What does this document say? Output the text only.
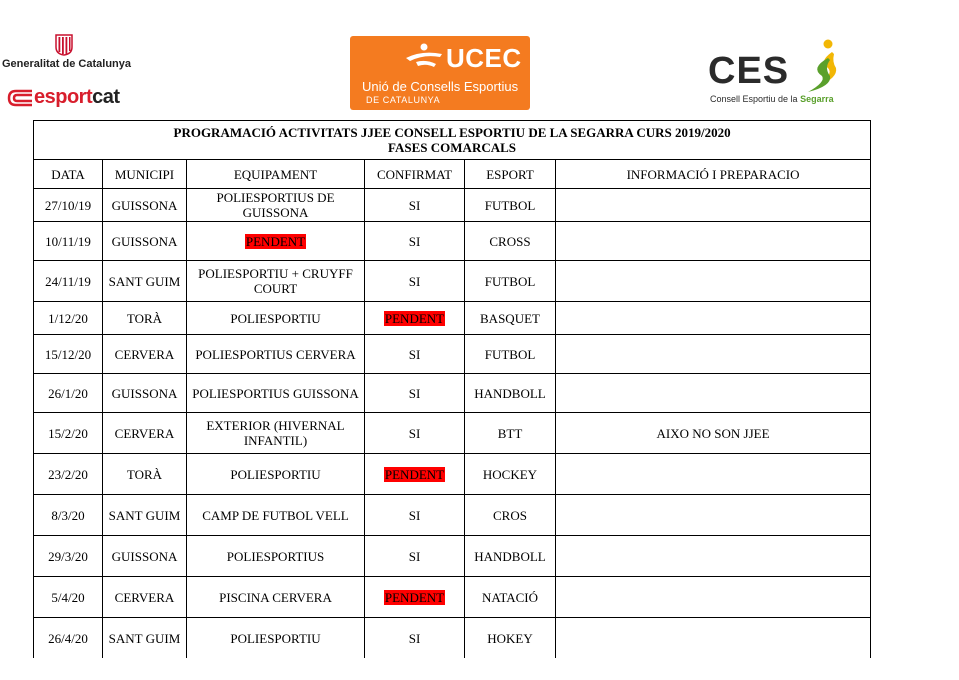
Generalitat de Catalunya
esportcat
UCEC
Unió de Consells Esportius
DE CATALUNYA
CES
Consell Esportiu de la Segarra
PROGRAMACIÓ ACTIVITATS JJEE CONSELL ESPORTIU DE LA SEGARRA CURS 2019/2020
FASES COMARCALS					

DATA	MUNICIPI	EQUIPAMENT	CONFIRMAT	ESPORT	INFORMACIÓ I PREPARACIO
27/10/19	GUISSONA	POLIESPORTIUS DE GUISSONA	SI	FUTBOL	
10/11/19	GUISSONA	PENDENT	SI	CROSS	
24/11/19	SANT GUIM	POLIESPORTIU + CRUYFF COURT	SI	FUTBOL	
1/12/20	TORÀ	POLIESPORTIU	PENDENT	BASQUET	
15/12/20	CERVERA	POLIESPORTIUS CERVERA	SI	FUTBOL	
26/1/20	GUISSONA	POLIESPORTIUS GUISSONA	SI	HANDBOLL	
15/2/20	CERVERA	EXTERIOR (HIVERNAL INFANTIL)	SI	BTT	AIXO NO SON JJEE
23/2/20	TORÀ	POLIESPORTIU	PENDENT	HOCKEY	
8/3/20	SANT GUIM	CAMP DE FUTBOL VELL	SI	CROS	
29/3/20	GUISSONA	POLIESPORTIUS	SI	HANDBOLL	
5/4/20	CERVERA	PISCINA CERVERA	PENDENT	NATACIÓ	
26/4/20	SANT GUIM	POLIESPORTIU	SI	HOKEY	
